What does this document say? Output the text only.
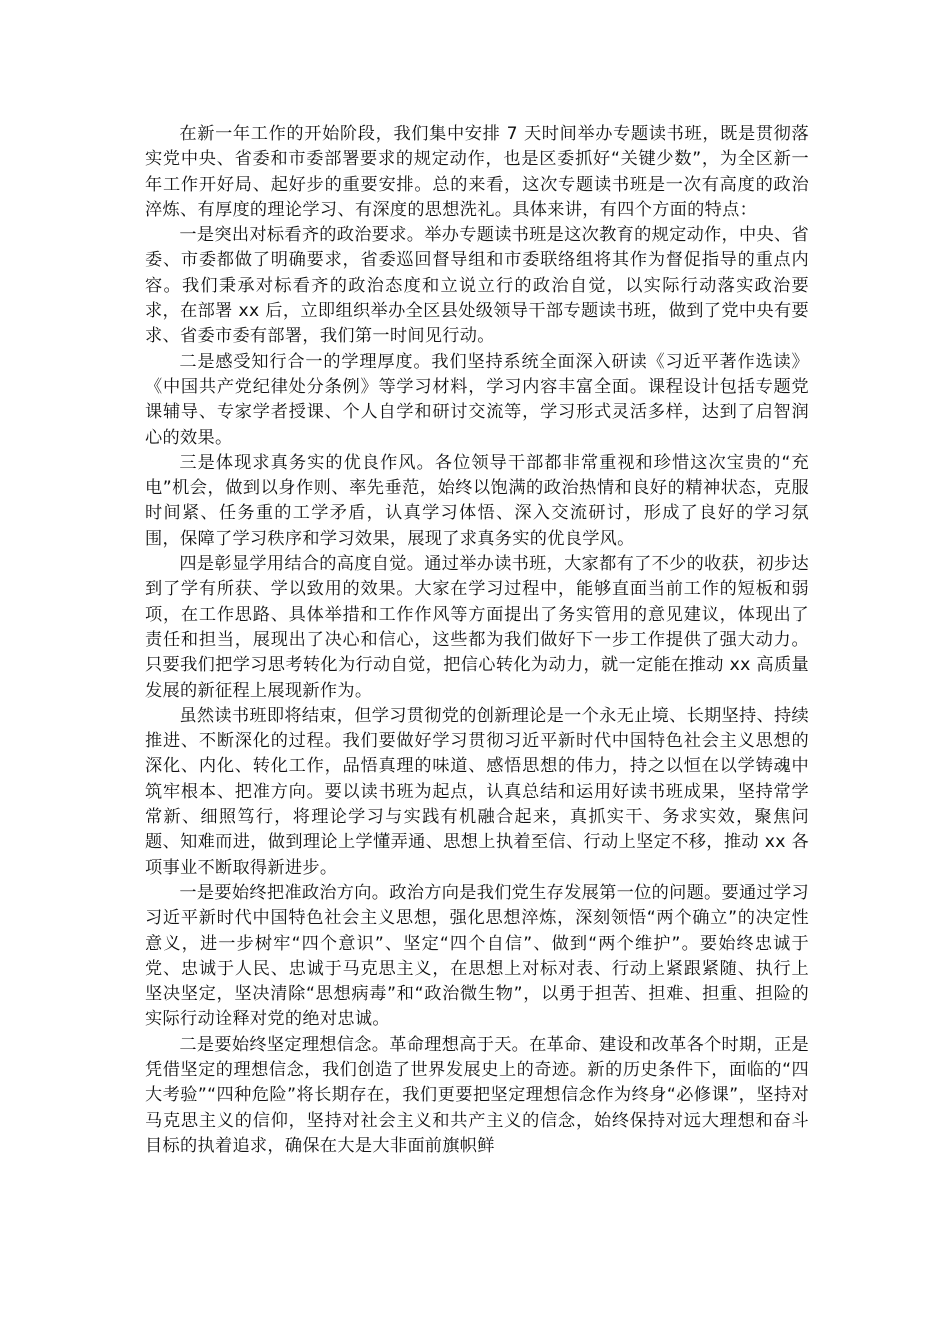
在新一年工作的开始阶段，我们集中安排 7 天时间举办专题读书班，既是贯彻落实党中央、省委和市委部署要求的规定动作，也是区委抓好“关键少数”，为全区新一年工作开好局、起好步的重要安排。总的来看，这次专题读书班是一次有高度的政治淬炼、有厚度的理论学习、有深度的思想洗礼。具体来讲，有四个方面的特点：

一是突出对标看齐的政治要求。举办专题读书班是这次教育的规定动作，中央、省委、市委都做了明确要求，省委巡回督导组和市委联络组将其作为督促指导的重点内容。我们秉承对标看齐的政治态度和立说立行的政治自觉，以实际行动落实政治要求，在部署 xx 后，立即组织举办全区县处级领导干部专题读书班，做到了党中央有要求、省委市委有部署，我们第一时间见行动。

二是感受知行合一的学理厚度。我们坚持系统全面深入研读《习近平著作选读》《中国共产党纪律处分条例》等学习材料，学习内容丰富全面。课程设计包括专题党课辅导、专家学者授课、个人自学和研讨交流等，学习形式灵活多样，达到了启智润心的效果。

三是体现求真务实的优良作风。各位领导干部都非常重视和珍惜这次宝贵的“充电”机会，做到以身作则、率先垂范，始终以饱满的政治热情和良好的精神状态，克服时间紧、任务重的工学矛盾，认真学习体悟、深入交流研讨，形成了良好的学习氛围，保障了学习秩序和学习效果，展现了求真务实的优良学风。

四是彰显学用结合的高度自觉。通过举办读书班，大家都有了不少的收获，初步达到了学有所获、学以致用的效果。大家在学习过程中，能够直面当前工作的短板和弱项，在工作思路、具体举措和工作作风等方面提出了务实管用的意见建议，体现出了责任和担当，展现出了决心和信心，这些都为我们做好下一步工作提供了强大动力。只要我们把学习思考转化为行动自觉，把信心转化为动力，就一定能在推动 xx 高质量发展的新征程上展现新作为。

虽然读书班即将结束，但学习贯彻党的创新理论是一个永无止境、长期坚持、持续推进、不断深化的过程。我们要做好学习贯彻习近平新时代中国特色社会主义思想的深化、内化、转化工作，品悟真理的味道、感悟思想的伟力，持之以恒在以学铸魂中筑牢根本、把准方向。要以读书班为起点，认真总结和运用好读书班成果，坚持常学常新、细照笃行，将理论学习与实践有机融合起来，真抓实干、务求实效，聚焦问题、知难而进，做到理论上学懂弄通、思想上执着至信、行动上坚定不移，推动 xx 各项事业不断取得新进步。

一是要始终把准政治方向。政治方向是我们党生存发展第一位的问题。要通过学习习近平新时代中国特色社会主义思想，强化思想淬炼，深刻领悟“两个确立”的决定性意义，进一步树牢“四个意识”、坚定“四个自信”、做到“两个维护”。要始终忠诚于党、忠诚于人民、忠诚于马克思主义，在思想上对标对表、行动上紧跟紧随、执行上坚决坚定，坚决清除“思想病毒”和“政治微生物”，以勇于担苦、担难、担重、担险的实际行动诠释对党的绝对忠诚。

二是要始终坚定理想信念。革命理想高于天。在革命、建设和改革各个时期，正是凭借坚定的理想信念，我们创造了世界发展史上的奇迹。新的历史条件下，面临的“四大考验”“四种危险”将长期存在，我们更要把坚定理想信念作为终身“必修课”，坚持对马克思主义的信仰，坚持对社会主义和共产主义的信念，始终保持对远大理想和奋斗目标的执着追求，确保在大是大非面前旗帜鲜
